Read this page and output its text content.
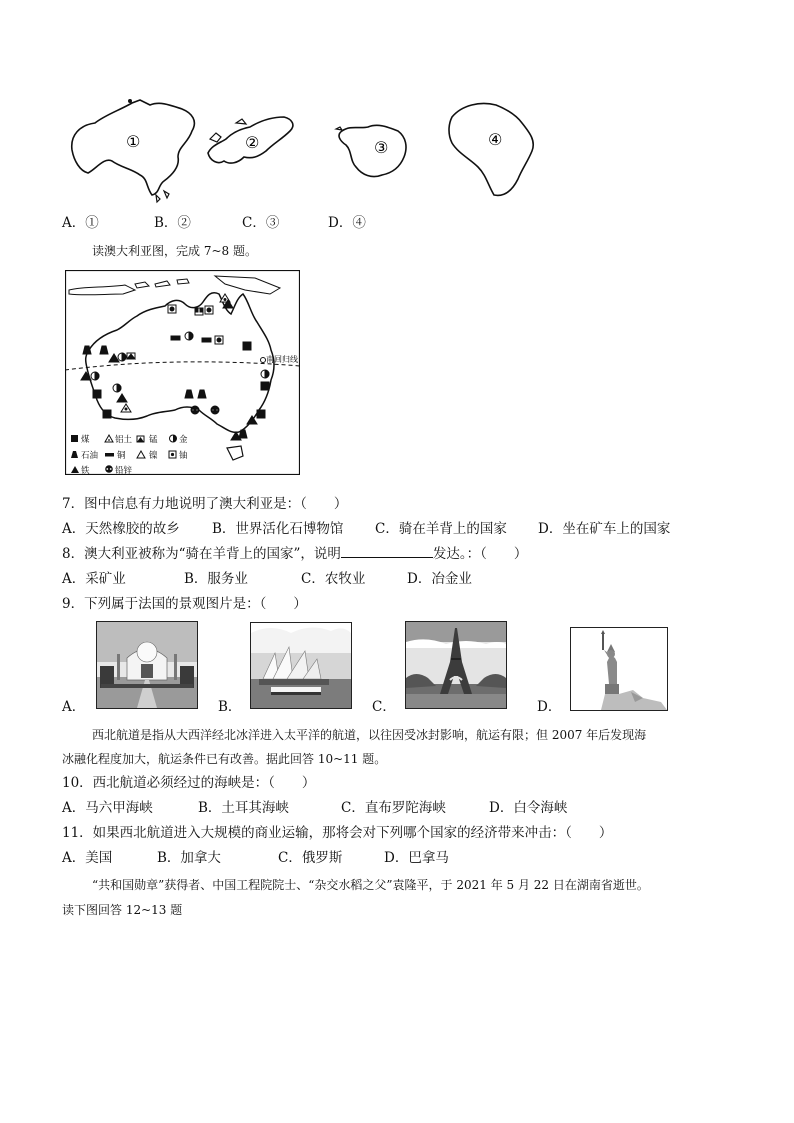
①	②	③	④
A．①	B．②	C．③	D．④
读澳大利亚图，完成 7~8 题。
南回归线
煤	铝土 锰	金
石油 铜	镍	铀
铁	铅锌
7．图中信息有力地说明了澳大利亚是：（　　）
A．天然橡胶的故乡 B．世界活化石博物馆 C．骑在羊背上的国家 D．坐在矿车上的国家
8．澳大利亚被称为“骑在羊背上的国家”，说明	发达。：（　　）
A．采矿业	B．服务业	C．农牧业	D．冶金业
9．下列属于法国的景观图片是：（　　）
A．	B．	C．	D．
西北航道是指从大西洋经北冰洋进入太平洋的航道，以往因受冰封影响，航运有限；但 2007 年后发现海
冰融化程度加大，航运条件已有改善。据此回答 10~11 题。
10．西北航道必须经过的海峡是：（　　）
A．马六甲海峡	B．土耳其海峡	C．直布罗陀海峡	D．白令海峡
11．如果西北航道进入大规模的商业运输，那将会对下列哪个国家的经济带来冲击：（　　）
A．美国	B．加拿大	C．俄罗斯	D．巴拿马
“共和国勋章”获得者、中国工程院院士、“杂交水稻之父”袁隆平，于 2021 年 5 月 22 日在湖南省逝世。
读下图回答 12~13 题
